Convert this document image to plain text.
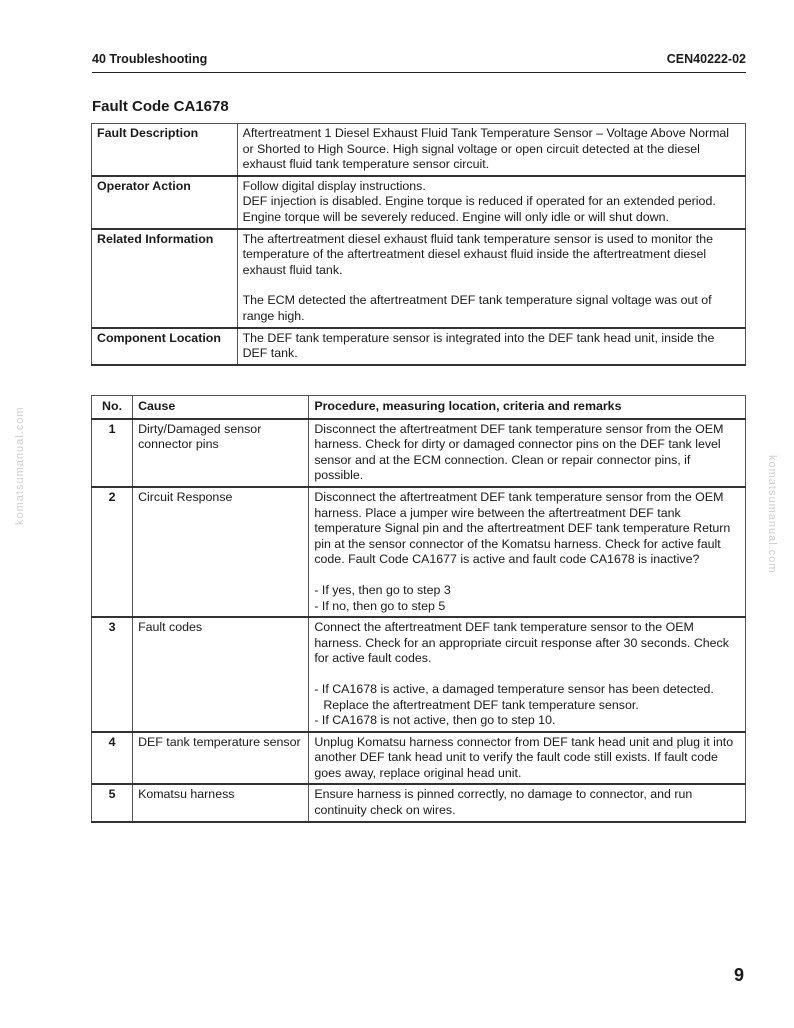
40 Troubleshooting	CEN40222-02
Fault Code CA1678
Fault Description	Aftertreatment 1 Diesel Exhaust Fluid Tank Temperature Sensor – Voltage Above Normal or Shorted to High Source. High signal voltage or open circuit detected at the diesel exhaust fluid tank temperature sensor circuit.

Operator Action	Follow digital display instructions.
DEF injection is disabled. Engine torque is reduced if operated for an extended period. Engine torque will be severely reduced. Engine will only idle or will shut down.

Related Information	The aftertreatment diesel exhaust fluid tank temperature sensor is used to monitor the temperature of the aftertreatment diesel exhaust fluid inside the aftertreatment diesel exhaust fluid tank.
The ECM detected the aftertreatment DEF tank temperature signal voltage was out of range high.

Component Location	The DEF tank temperature sensor is integrated into the DEF tank head unit, inside the DEF tank.
No.	Cause	Procedure, measuring location, criteria and remarks
1	Dirty/Damaged sensor connector pins	Disconnect the aftertreatment DEF tank temperature sensor from the OEM harness. Check for dirty or damaged connector pins on the DEF tank level sensor and at the ECM connection. Clean or repair connector pins, if possible.

2	Circuit Response	Disconnect the aftertreatment DEF tank temperature sensor from the OEM harness. Place a jumper wire between the aftertreatment DEF tank temperature Signal pin and the aftertreatment DEF tank temperature Return pin at the sensor connector of the Komatsu harness. Check for active fault code. Fault Code CA1677 is active and fault code CA1678 is inactive?
- If yes, then go to step 3
- If no, then go to step 5

3	Fault codes	Connect the aftertreatment DEF tank temperature sensor to the OEM harness. Check for an appropriate circuit response after 30 seconds. Check for active fault codes.
- If CA1678 is active, a damaged temperature sensor has been detected.
Replace the aftertreatment DEF tank temperature sensor.
- If CA1678 is not active, then go to step 10.

4	DEF tank temperature sensor	Unplug Komatsu harness connector from DEF tank head unit and plug it into another DEF tank head unit to verify the fault code still exists. If fault code goes away, replace original head unit.

5	Komatsu harness	Ensure harness is pinned correctly, no damage to connector, and run continuity check on wires.
komatsumanual.com	komatsumanual.com
9
